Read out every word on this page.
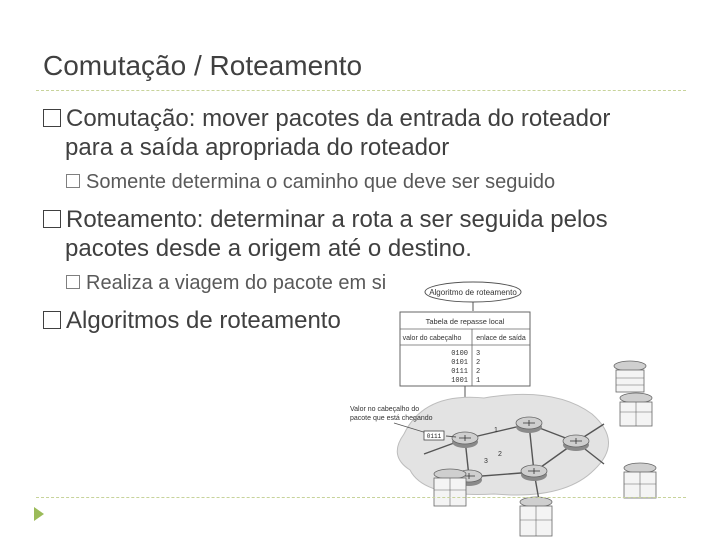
Comutação / Roteamento
Comutação: mover pacotes da entrada do roteador
para a saída apropriada do roteador
Somente determina o caminho que deve ser seguido
Roteamento: determinar a rota a ser seguida pelos
pacotes desde a origem até o destino.
Realiza a viagem do pacote em si
Algoritmos de roteamento
Algoritmo de roteamento
Tabela de repasse local
valor do cabeçalho enlace de saída
0100 3
0101 2
0111 2
1001 1
1
2
3
Valor no cabeçalho do
pacote que está chegando
0111
